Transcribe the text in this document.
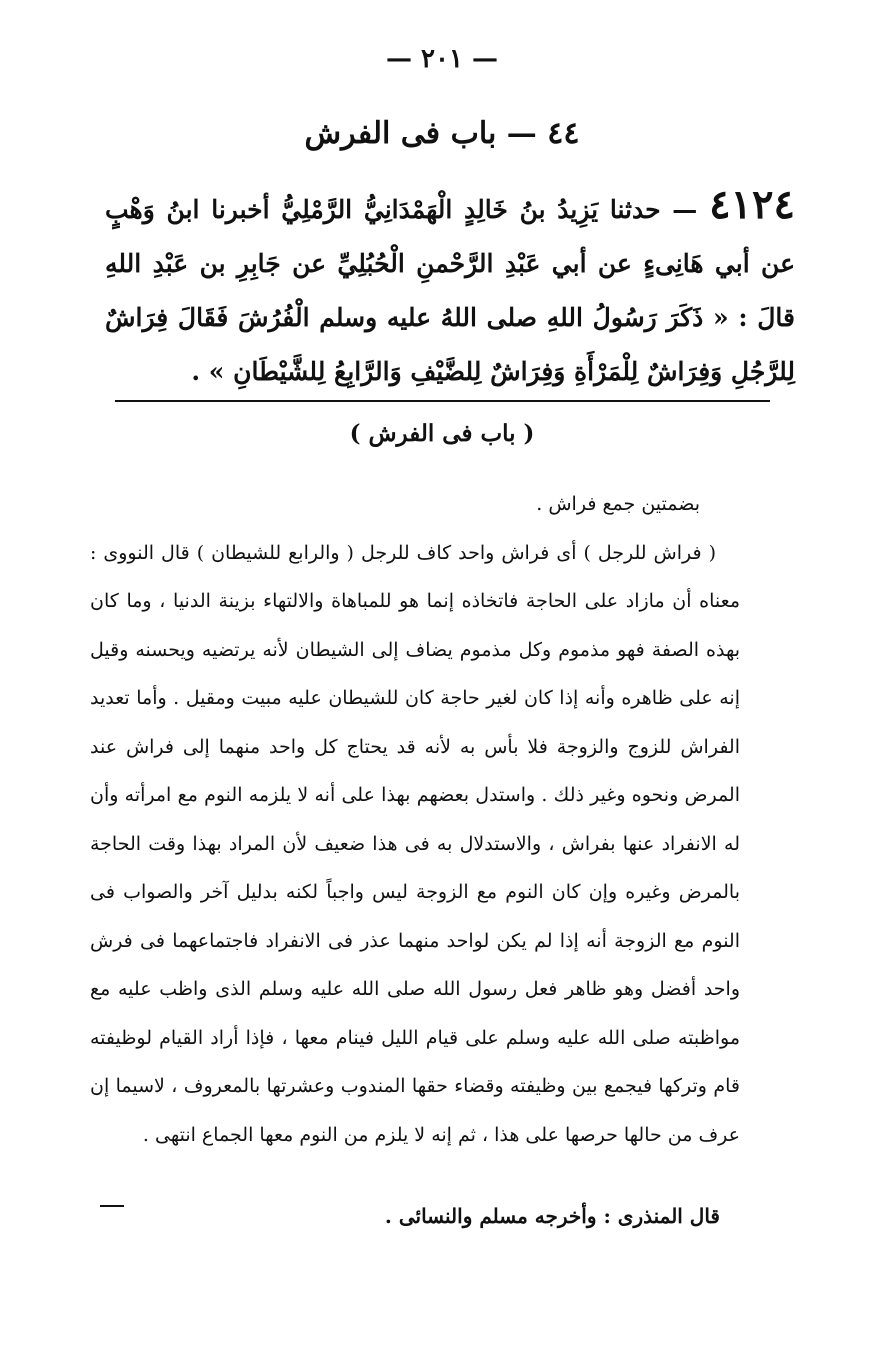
— ٢٠١ —
٤٤ — باب فى الفرش
٤١٢٤ — حدثنا يَزِيدُ بنُ خَالِدٍ الْهَمْدَانِيُّ الرَّمْلِيُّ أخبرنا ابنُ وَهْبٍ عن أبي هَانِىءٍ عن أبي عَبْدِ الرَّحْمنِ الْحُبُلِيِّ عن جَابِرِ بن عَبْدِ اللهِ قالَ : « ذَكَرَ رَسُولُ اللهِ صلى اللهُ عليه وسلم الْفُرُشَ فَقَالَ فِرَاشٌ لِلرَّجُلِ وَفِرَاشٌ لِلْمَرْأَةِ وَفِرَاشٌ لِلضَّيْفِ وَالرَّابِعُ لِلشَّيْطَانِ » .
( باب فى الفرش )

بضمتين جمع فراش .

( فراش للرجل ) أى فراش واحد كاف للرجل ( والرابع للشيطان ) قال النووى : معناه أن مازاد على الحاجة فاتخاذه إنما هو للمباهاة والالتهاء بزينة الدنيا ، وما كان بهذه الصفة فهو مذموم وكل مذموم يضاف إلى الشيطان لأنه يرتضيه ويحسنه وقيل إنه على ظاهره وأنه إذا كان لغير حاجة كان للشيطان عليه مبيت ومقيل . وأما تعديد الفراش للزوج والزوجة فلا بأس به لأنه قد يحتاج كل واحد منهما إلى فراش عند المرض ونحوه وغير ذلك . واستدل بعضهم بهذا على أنه لا يلزمه النوم مع امرأته وأن له الانفراد عنها بفراش ، والاستدلال به فى هذا ضعيف لأن المراد بهذا وقت الحاجة بالمرض وغيره وإن كان النوم مع الزوجة ليس واجباً لكنه بدليل آخر والصواب فى النوم مع الزوجة أنه إذا لم يكن لواحد منهما عذر فى الانفراد فاجتماعهما فى فرش واحد أفضل وهو ظاهر فعل رسول الله صلى الله عليه وسلم الذى واظب عليه مع مواظبته صلى الله عليه وسلم على قيام الليل فينام معها ، فإذا أراد القيام لوظيفته قام وتركها فيجمع بين وظيفته وقضاء حقها المندوب وعشرتها بالمعروف ، لاسيما إن عرف من حالها حرصها على هذا ، ثم إنه لا يلزم من النوم معها الجماع انتهى .

قال المنذرى : وأخرجه مسلم والنسائى .
